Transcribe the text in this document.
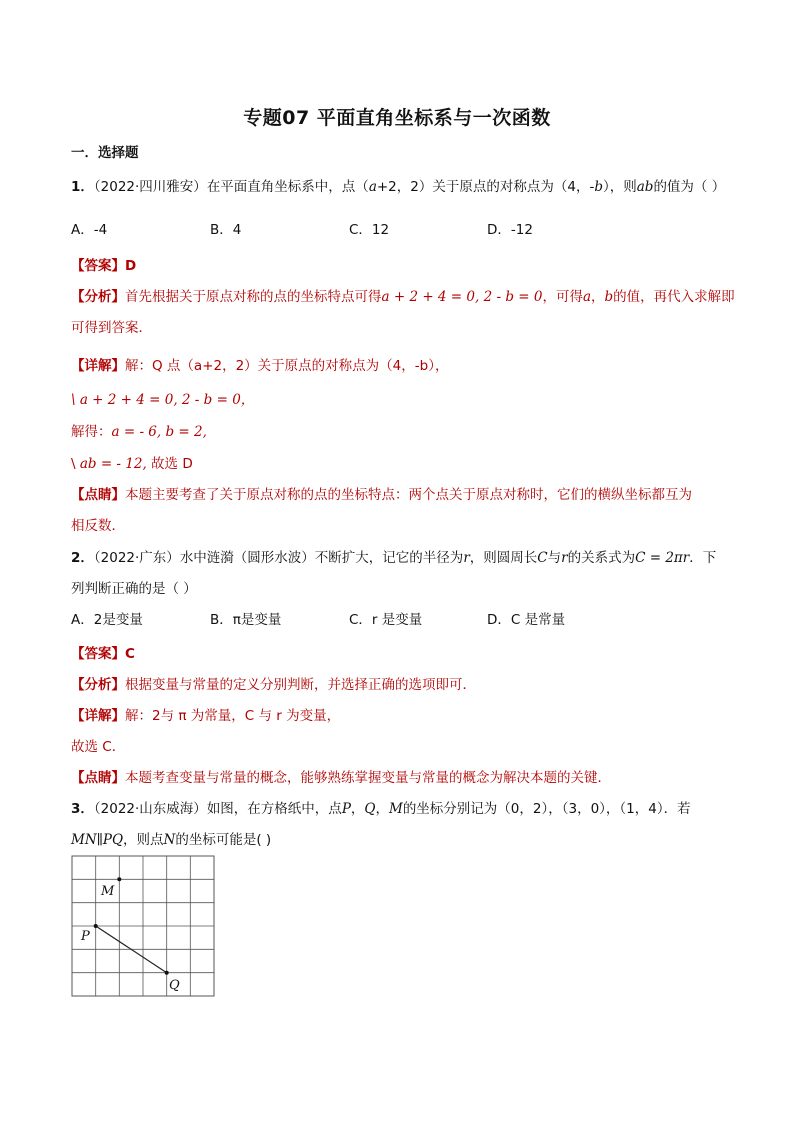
专题07 平面直角坐标系与一次函数
一．选择题
1．（2022·四川雅安）在平面直角坐标系中，点（a+2，2）关于原点的对称点为（4，-b），则ab的值为（ ）
A．-4	B．4	C．12	D．-12
【答案】D
【分析】首先根据关于原点对称的点的坐标特点可得a + 2 + 4 = 0, 2 - b = 0，可得a，b的值，再代入求解即
可得到答案．
【详解】解：Q 点（a+2，2）关于原点的对称点为（4，-b），
\ a + 2 + 4 = 0, 2 - b = 0，
解得：a = - 6, b = 2,
\ ab = - 12, 故选 D
【点睛】本题主要考查了关于原点对称的点的坐标特点：两个点关于原点对称时，它们的横纵坐标都互为
相反数．
2．（2022·广东）水中涟漪（圆形水波）不断扩大，记它的半径为r，则圆周长C与r的关系式为C = 2πr．下
列判断正确的是（ ）
A．2是变量	B．π是变量	C．r 是变量	D．C 是常量
【答案】C
【分析】根据变量与常量的定义分别判断，并选择正确的选项即可．
【详解】解：2与 π 为常量，C 与 r 为变量，
故选 C．
【点睛】本题考查变量与常量的概念，能够熟练掌握变量与常量的概念为解决本题的关键．
3．（2022·山东威海）如图，在方格纸中，点P，Q，M的坐标分别记为（0，2），（3，0），（1，4）．若
MN∥PQ，则点N的坐标可能是( )
M
P
Q
